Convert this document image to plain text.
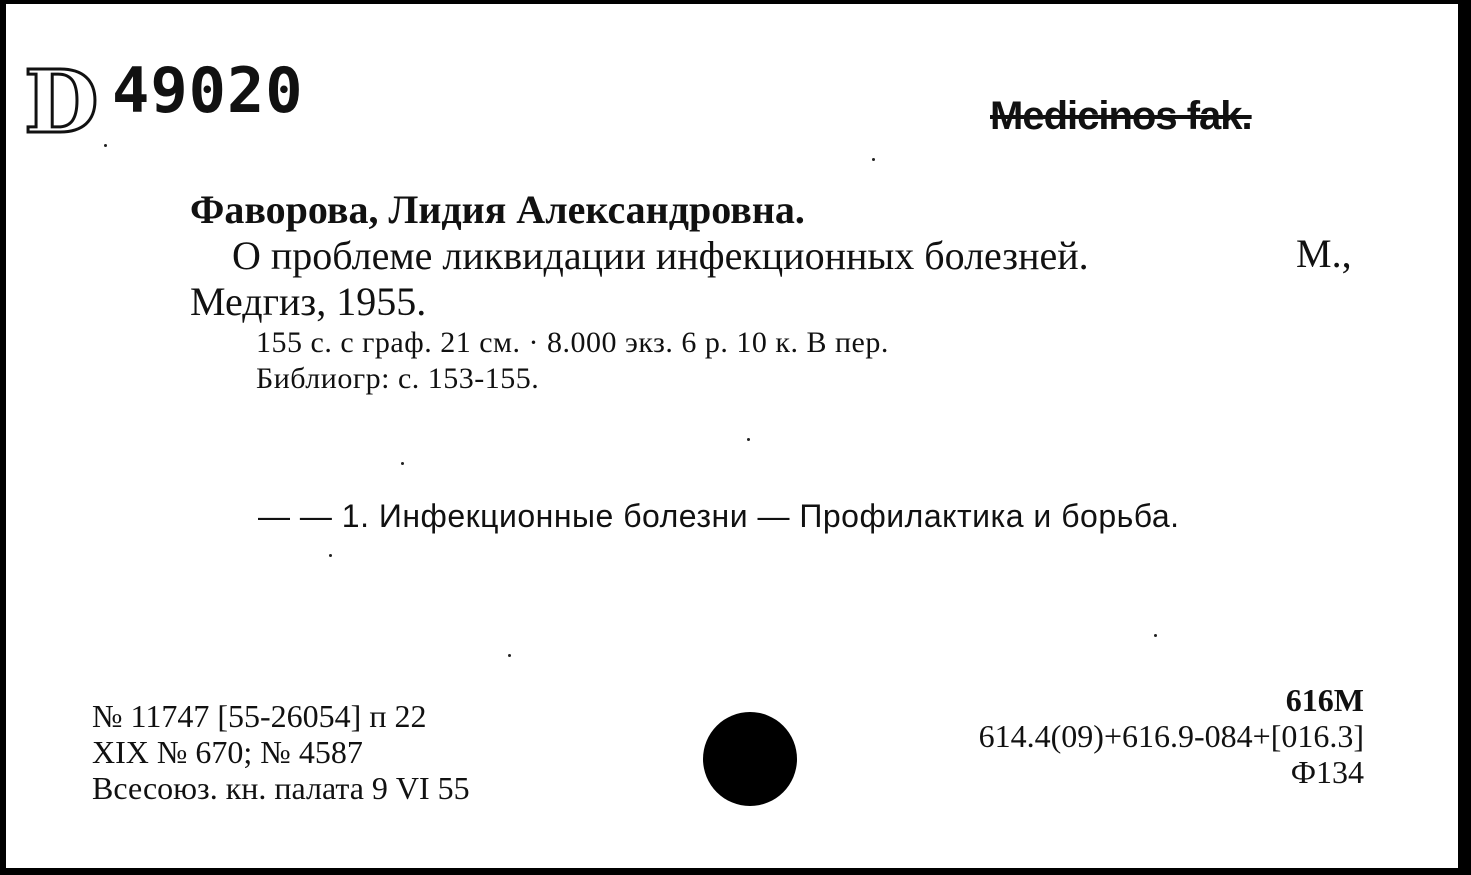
D 49020	Medicinos fak.
Фаворова, Лидия Александровна.
О проблеме ликвидации инфекционных болезней.	М.,
Медгиз, 1955.
155 с. с граф. 21 см. · 8.000 экз. 6 р. 10 к. В пер.
Библиогр: с. 153-155.
— — 1. Инфекционные болезни — Профилактика и борьба.
№ 11747 [55-26054] п 22
XIX № 670; № 4587
Всесоюз. кн. палата 9 VI 55
616M
614.4(09)+616.9-084+[016.3]
Ф134
